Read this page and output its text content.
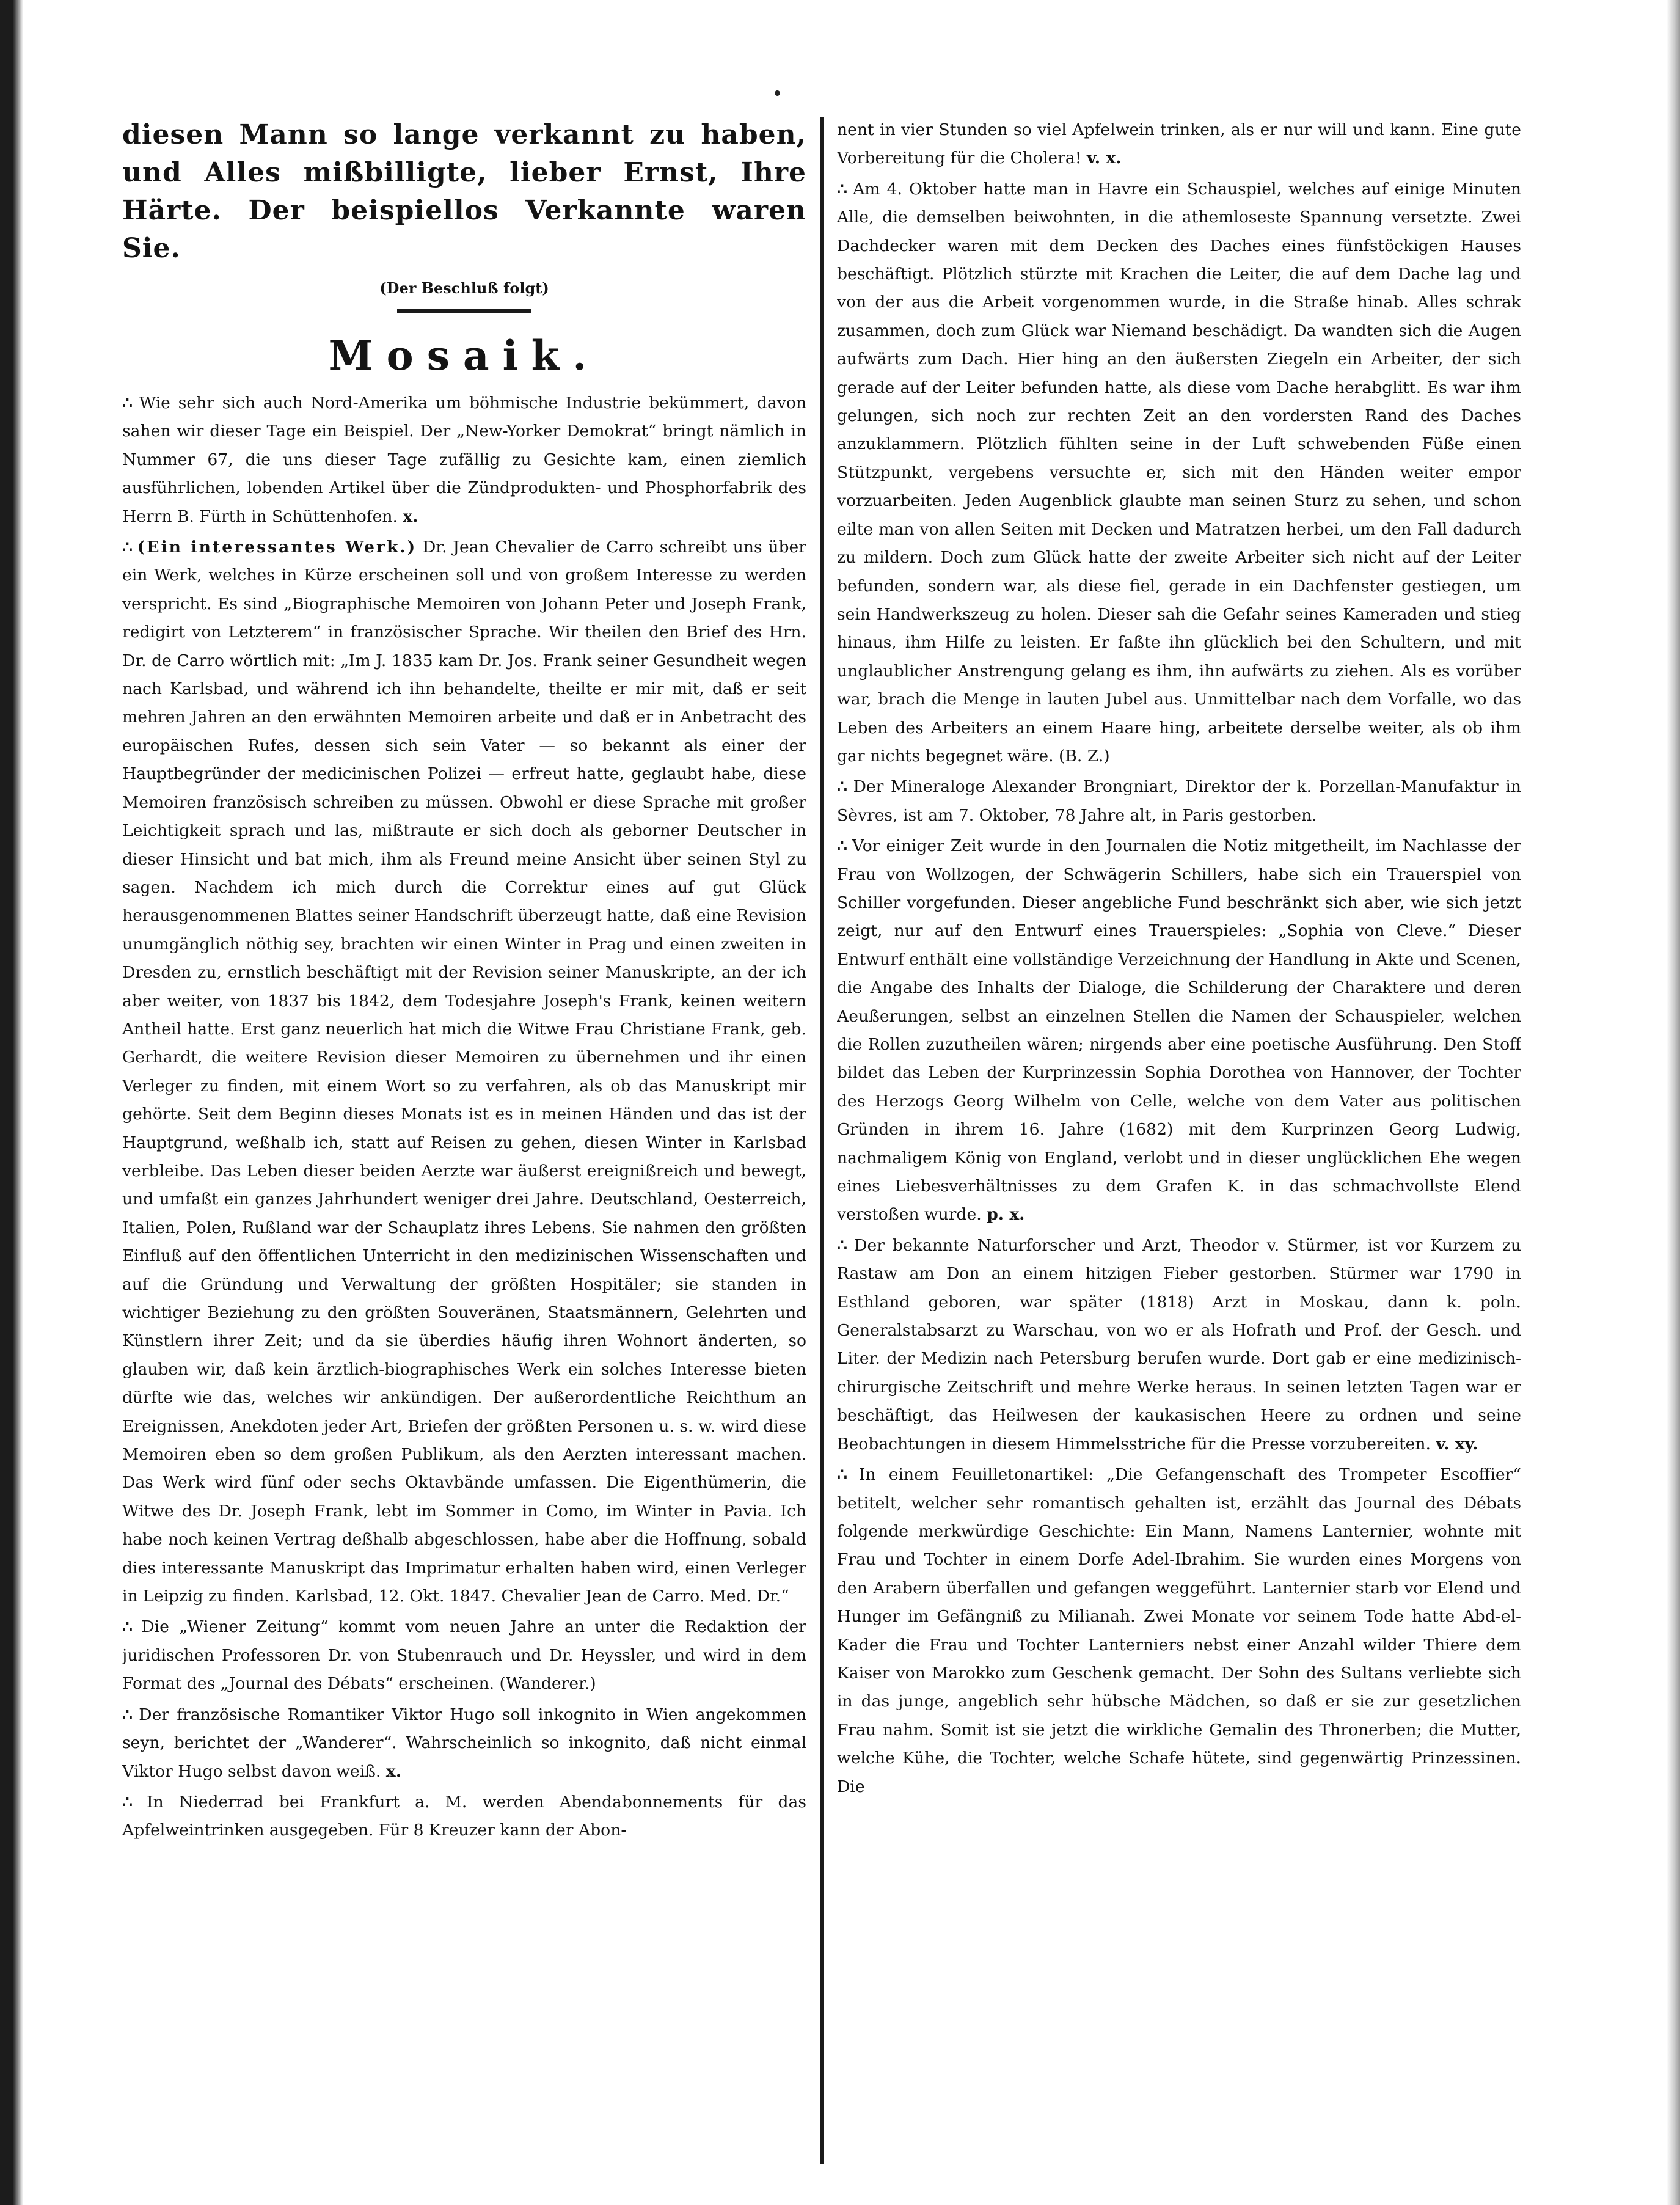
diesen Mann so lange verkannt zu haben, und Alles mißbilligte, lieber Ernst, Ihre Härte. Der beispiellos Verkannte waren Sie.

(Der Beschluß folgt)

Mosaik.

∴ Wie sehr sich auch Nord-Amerika um böhmische Industrie bekümmert, davon sahen wir dieser Tage ein Beispiel. Der „New-Yorker Demokrat“ bringt nämlich in Nummer 67, die uns dieser Tage zufällig zu Gesichte kam, einen ziemlich ausführlichen, lobenden Artikel über die Zündprodukten- und Phosphorfabrik des Herrn B. Fürth in Schüttenhofen. x.

∴ (Ein interessantes Werk.) Dr. Jean Chevalier de Carro schreibt uns über ein Werk, welches in Kürze erscheinen soll und von großem Interesse zu werden verspricht. Es sind „Biographische Memoiren von Johann Peter und Joseph Frank, redigirt von Letzterem“ in französischer Sprache. Wir theilen den Brief des Hrn. Dr. de Carro wörtlich mit: „Im J. 1835 kam Dr. Jos. Frank seiner Gesundheit wegen nach Karlsbad, und während ich ihn behandelte, theilte er mir mit, daß er seit mehren Jahren an den erwähnten Memoiren arbeite und daß er in Anbetracht des europäischen Rufes, dessen sich sein Vater — so bekannt als einer der Hauptbegründer der medicinischen Polizei — erfreut hatte, geglaubt habe, diese Memoiren französisch schreiben zu müssen. Obwohl er diese Sprache mit großer Leichtigkeit sprach und las, mißtraute er sich doch als geborner Deutscher in dieser Hinsicht und bat mich, ihm als Freund meine Ansicht über seinen Styl zu sagen. Nachdem ich mich durch die Correktur eines auf gut Glück herausgenommenen Blattes seiner Handschrift überzeugt hatte, daß eine Revision unumgänglich nöthig sey, brachten wir einen Winter in Prag und einen zweiten in Dresden zu, ernstlich beschäftigt mit der Revision seiner Manuskripte, an der ich aber weiter, von 1837 bis 1842, dem Todesjahre Joseph's Frank, keinen weitern Antheil hatte. Erst ganz neuerlich hat mich die Witwe Frau Christiane Frank, geb. Gerhardt, die weitere Revision dieser Memoiren zu übernehmen und ihr einen Verleger zu finden, mit einem Wort so zu verfahren, als ob das Manuskript mir gehörte. Seit dem Beginn dieses Monats ist es in meinen Händen und das ist der Hauptgrund, weßhalb ich, statt auf Reisen zu gehen, diesen Winter in Karlsbad verbleibe. Das Leben dieser beiden Aerzte war äußerst ereignißreich und bewegt, und umfaßt ein ganzes Jahrhundert weniger drei Jahre. Deutschland, Oesterreich, Italien, Polen, Rußland war der Schauplatz ihres Lebens. Sie nahmen den größten Einfluß auf den öffentlichen Unterricht in den medizinischen Wissenschaften und auf die Gründung und Verwaltung der größten Hospitäler; sie standen in wichtiger Beziehung zu den größten Souveränen, Staatsmännern, Gelehrten und Künstlern ihrer Zeit; und da sie überdies häufig ihren Wohnort änderten, so glauben wir, daß kein ärztlich-biographisches Werk ein solches Interesse bieten dürfte wie das, welches wir ankündigen. Der außerordentliche Reichthum an Ereignissen, Anekdoten jeder Art, Briefen der größten Personen u. s. w. wird diese Memoiren eben so dem großen Publikum, als den Aerzten interessant machen. Das Werk wird fünf oder sechs Oktavbände umfassen. Die Eigenthümerin, die Witwe des Dr. Joseph Frank, lebt im Sommer in Como, im Winter in Pavia. Ich habe noch keinen Vertrag deßhalb abgeschlossen, habe aber die Hoffnung, sobald dies interessante Manuskript das Imprimatur erhalten haben wird, einen Verleger in Leipzig zu finden. Karlsbad, 12. Okt. 1847. Chevalier Jean de Carro. Med. Dr.“

∴ Die „Wiener Zeitung“ kommt vom neuen Jahre an unter die Redaktion der juridischen Professoren Dr. von Stubenrauch und Dr. Heyssler, und wird in dem Format des „Journal des Débats“ erscheinen. (Wanderer.)

∴ Der französische Romantiker Viktor Hugo soll inkognito in Wien angekommen seyn, berichtet der „Wanderer“. Wahrscheinlich so inkognito, daß nicht einmal Viktor Hugo selbst davon weiß. x.

∴ In Niederrad bei Frankfurt a. M. werden Abendabonnements für das Apfelweintrinken ausgegeben. Für 8 Kreuzer kann der Abon-

nent in vier Stunden so viel Apfelwein trinken, als er nur will und kann. Eine gute Vorbereitung für die Cholera! v. x.

∴ Am 4. Oktober hatte man in Havre ein Schauspiel, welches auf einige Minuten Alle, die demselben beiwohnten, in die athemloseste Spannung versetzte. Zwei Dachdecker waren mit dem Decken des Daches eines fünfstöckigen Hauses beschäftigt. Plötzlich stürzte mit Krachen die Leiter, die auf dem Dache lag und von der aus die Arbeit vorgenommen wurde, in die Straße hinab. Alles schrak zusammen, doch zum Glück war Niemand beschädigt. Da wandten sich die Augen aufwärts zum Dach. Hier hing an den äußersten Ziegeln ein Arbeiter, der sich gerade auf der Leiter befunden hatte, als diese vom Dache herabglitt. Es war ihm gelungen, sich noch zur rechten Zeit an den vordersten Rand des Daches anzuklammern. Plötzlich fühlten seine in der Luft schwebenden Füße einen Stützpunkt, vergebens versuchte er, sich mit den Händen weiter empor vorzuarbeiten. Jeden Augenblick glaubte man seinen Sturz zu sehen, und schon eilte man von allen Seiten mit Decken und Matratzen herbei, um den Fall dadurch zu mildern. Doch zum Glück hatte der zweite Arbeiter sich nicht auf der Leiter befunden, sondern war, als diese fiel, gerade in ein Dachfenster gestiegen, um sein Handwerkszeug zu holen. Dieser sah die Gefahr seines Kameraden und stieg hinaus, ihm Hilfe zu leisten. Er faßte ihn glücklich bei den Schultern, und mit unglaublicher Anstrengung gelang es ihm, ihn aufwärts zu ziehen. Als es vorüber war, brach die Menge in lauten Jubel aus. Unmittelbar nach dem Vorfalle, wo das Leben des Arbeiters an einem Haare hing, arbeitete derselbe weiter, als ob ihm gar nichts begegnet wäre. (B. Z.)

∴ Der Mineraloge Alexander Brongniart, Direktor der k. Porzellan-Manufaktur in Sèvres, ist am 7. Oktober, 78 Jahre alt, in Paris gestorben.

∴ Vor einiger Zeit wurde in den Journalen die Notiz mitgetheilt, im Nachlasse der Frau von Wollzogen, der Schwägerin Schillers, habe sich ein Trauerspiel von Schiller vorgefunden. Dieser angebliche Fund beschränkt sich aber, wie sich jetzt zeigt, nur auf den Entwurf eines Trauerspieles: „Sophia von Cleve.“ Dieser Entwurf enthält eine vollständige Verzeichnung der Handlung in Akte und Scenen, die Angabe des Inhalts der Dialoge, die Schilderung der Charaktere und deren Aeußerungen, selbst an einzelnen Stellen die Namen der Schauspieler, welchen die Rollen zuzutheilen wären; nirgends aber eine poetische Ausführung. Den Stoff bildet das Leben der Kurprinzessin Sophia Dorothea von Hannover, der Tochter des Herzogs Georg Wilhelm von Celle, welche von dem Vater aus politischen Gründen in ihrem 16. Jahre (1682) mit dem Kurprinzen Georg Ludwig, nachmaligem König von England, verlobt und in dieser unglücklichen Ehe wegen eines Liebesverhältnisses zu dem Grafen K. in das schmachvollste Elend verstoßen wurde. p. x.

∴ Der bekannte Naturforscher und Arzt, Theodor v. Stürmer, ist vor Kurzem zu Rastaw am Don an einem hitzigen Fieber gestorben. Stürmer war 1790 in Esthland geboren, war später (1818) Arzt in Moskau, dann k. poln. Generalstabsarzt zu Warschau, von wo er als Hofrath und Prof. der Gesch. und Liter. der Medizin nach Petersburg berufen wurde. Dort gab er eine medizinisch-chirurgische Zeitschrift und mehre Werke heraus. In seinen letzten Tagen war er beschäftigt, das Heilwesen der kaukasischen Heere zu ordnen und seine Beobachtungen in diesem Himmelsstriche für die Presse vorzubereiten. v. xy.

∴ In einem Feuilletonartikel: „Die Gefangenschaft des Trompeter Escoffier“ betitelt, welcher sehr romantisch gehalten ist, erzählt das Journal des Débats folgende merkwürdige Geschichte: Ein Mann, Namens Lanternier, wohnte mit Frau und Tochter in einem Dorfe Adel-Ibrahim. Sie wurden eines Morgens von den Arabern überfallen und gefangen weggeführt. Lanternier starb vor Elend und Hunger im Gefängniß zu Milianah. Zwei Monate vor seinem Tode hatte Abd-el-Kader die Frau und Tochter Lanterniers nebst einer Anzahl wilder Thiere dem Kaiser von Marokko zum Geschenk gemacht. Der Sohn des Sultans verliebte sich in das junge, angeblich sehr hübsche Mädchen, so daß er sie zur gesetzlichen Frau nahm. Somit ist sie jetzt die wirkliche Gemalin des Thronerben; die Mutter, welche Kühe, die Tochter, welche Schafe hütete, sind gegenwärtig Prinzessinen. Die
